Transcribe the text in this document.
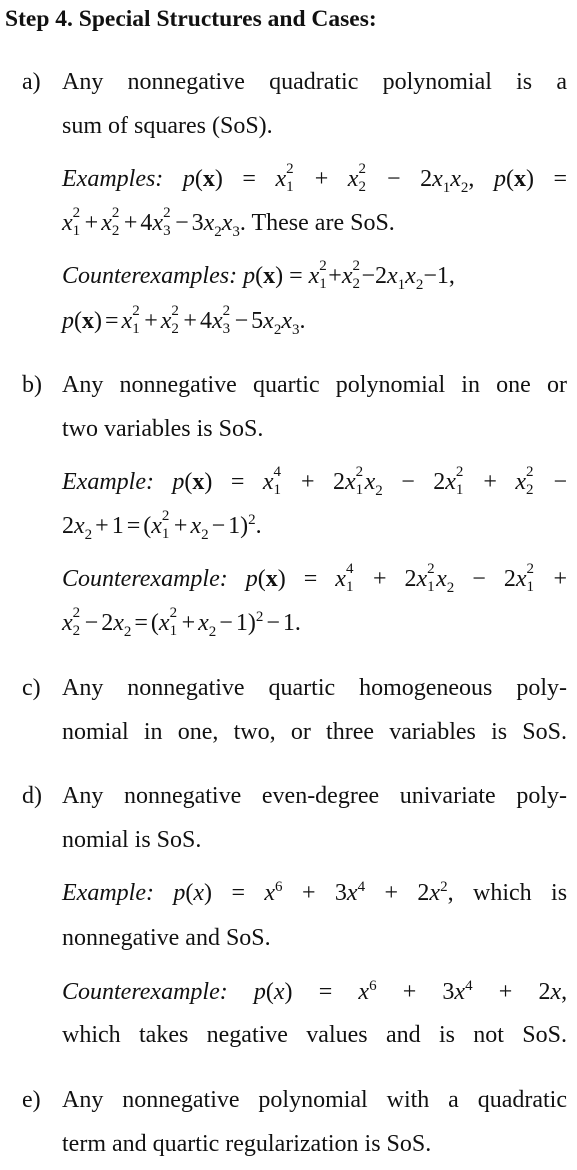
Step 4. Special Structures and Cases:
a) Any nonnegative quadratic polynomial is a
sum of squares (SoS).
Examples: p(x) = x 2
1 + x 2
$2 - 2x_1x_2$, p(x) =
x 2
1 + x 2
2 + 4x 2
$3 - 3x_2x_3$. These are SoS.
Counterexamples: p(x) = x 2
1 +x 2
$2 -2x_1x_2-1$,
p(x) = x 2
1 + x 2
2 + 4x 2
$3 - 5x_2x_3$.
b) Any nonnegative quartic polynomial in one or
two variables is SoS.
Example: p(x) = x 4
1 + 2x 2
1 $x_2 - 2x$ 2
1 + x 2
2 −
$2x_2 + 1 = (x$ 2
$1 + x_2 - 1)^2$.
Counterexample: p(x) = x 4
1 + 2x 2
1 $x_2 - 2x$ 2
1 +
x 2
$2 - 2x_2 = (x$ 2
$1 + x_2 - 1)^2 - 1$.
c) Any nonnegative quartic homogeneous poly-
nomial in one, two, or three variables is SoS.
d) Any nonnegative even-degree univariate poly-
nomial is SoS.
Example: $p(x) = x^6 + 3x^4 + 2x^2$, which is
nonnegative and SoS.
Counterexample: $p(x) = x^6 + 3x^4 + 2x$,
which takes negative values and is not SoS.
e) Any nonnegative polynomial with a quadratic
term and quartic regularization is SoS.
